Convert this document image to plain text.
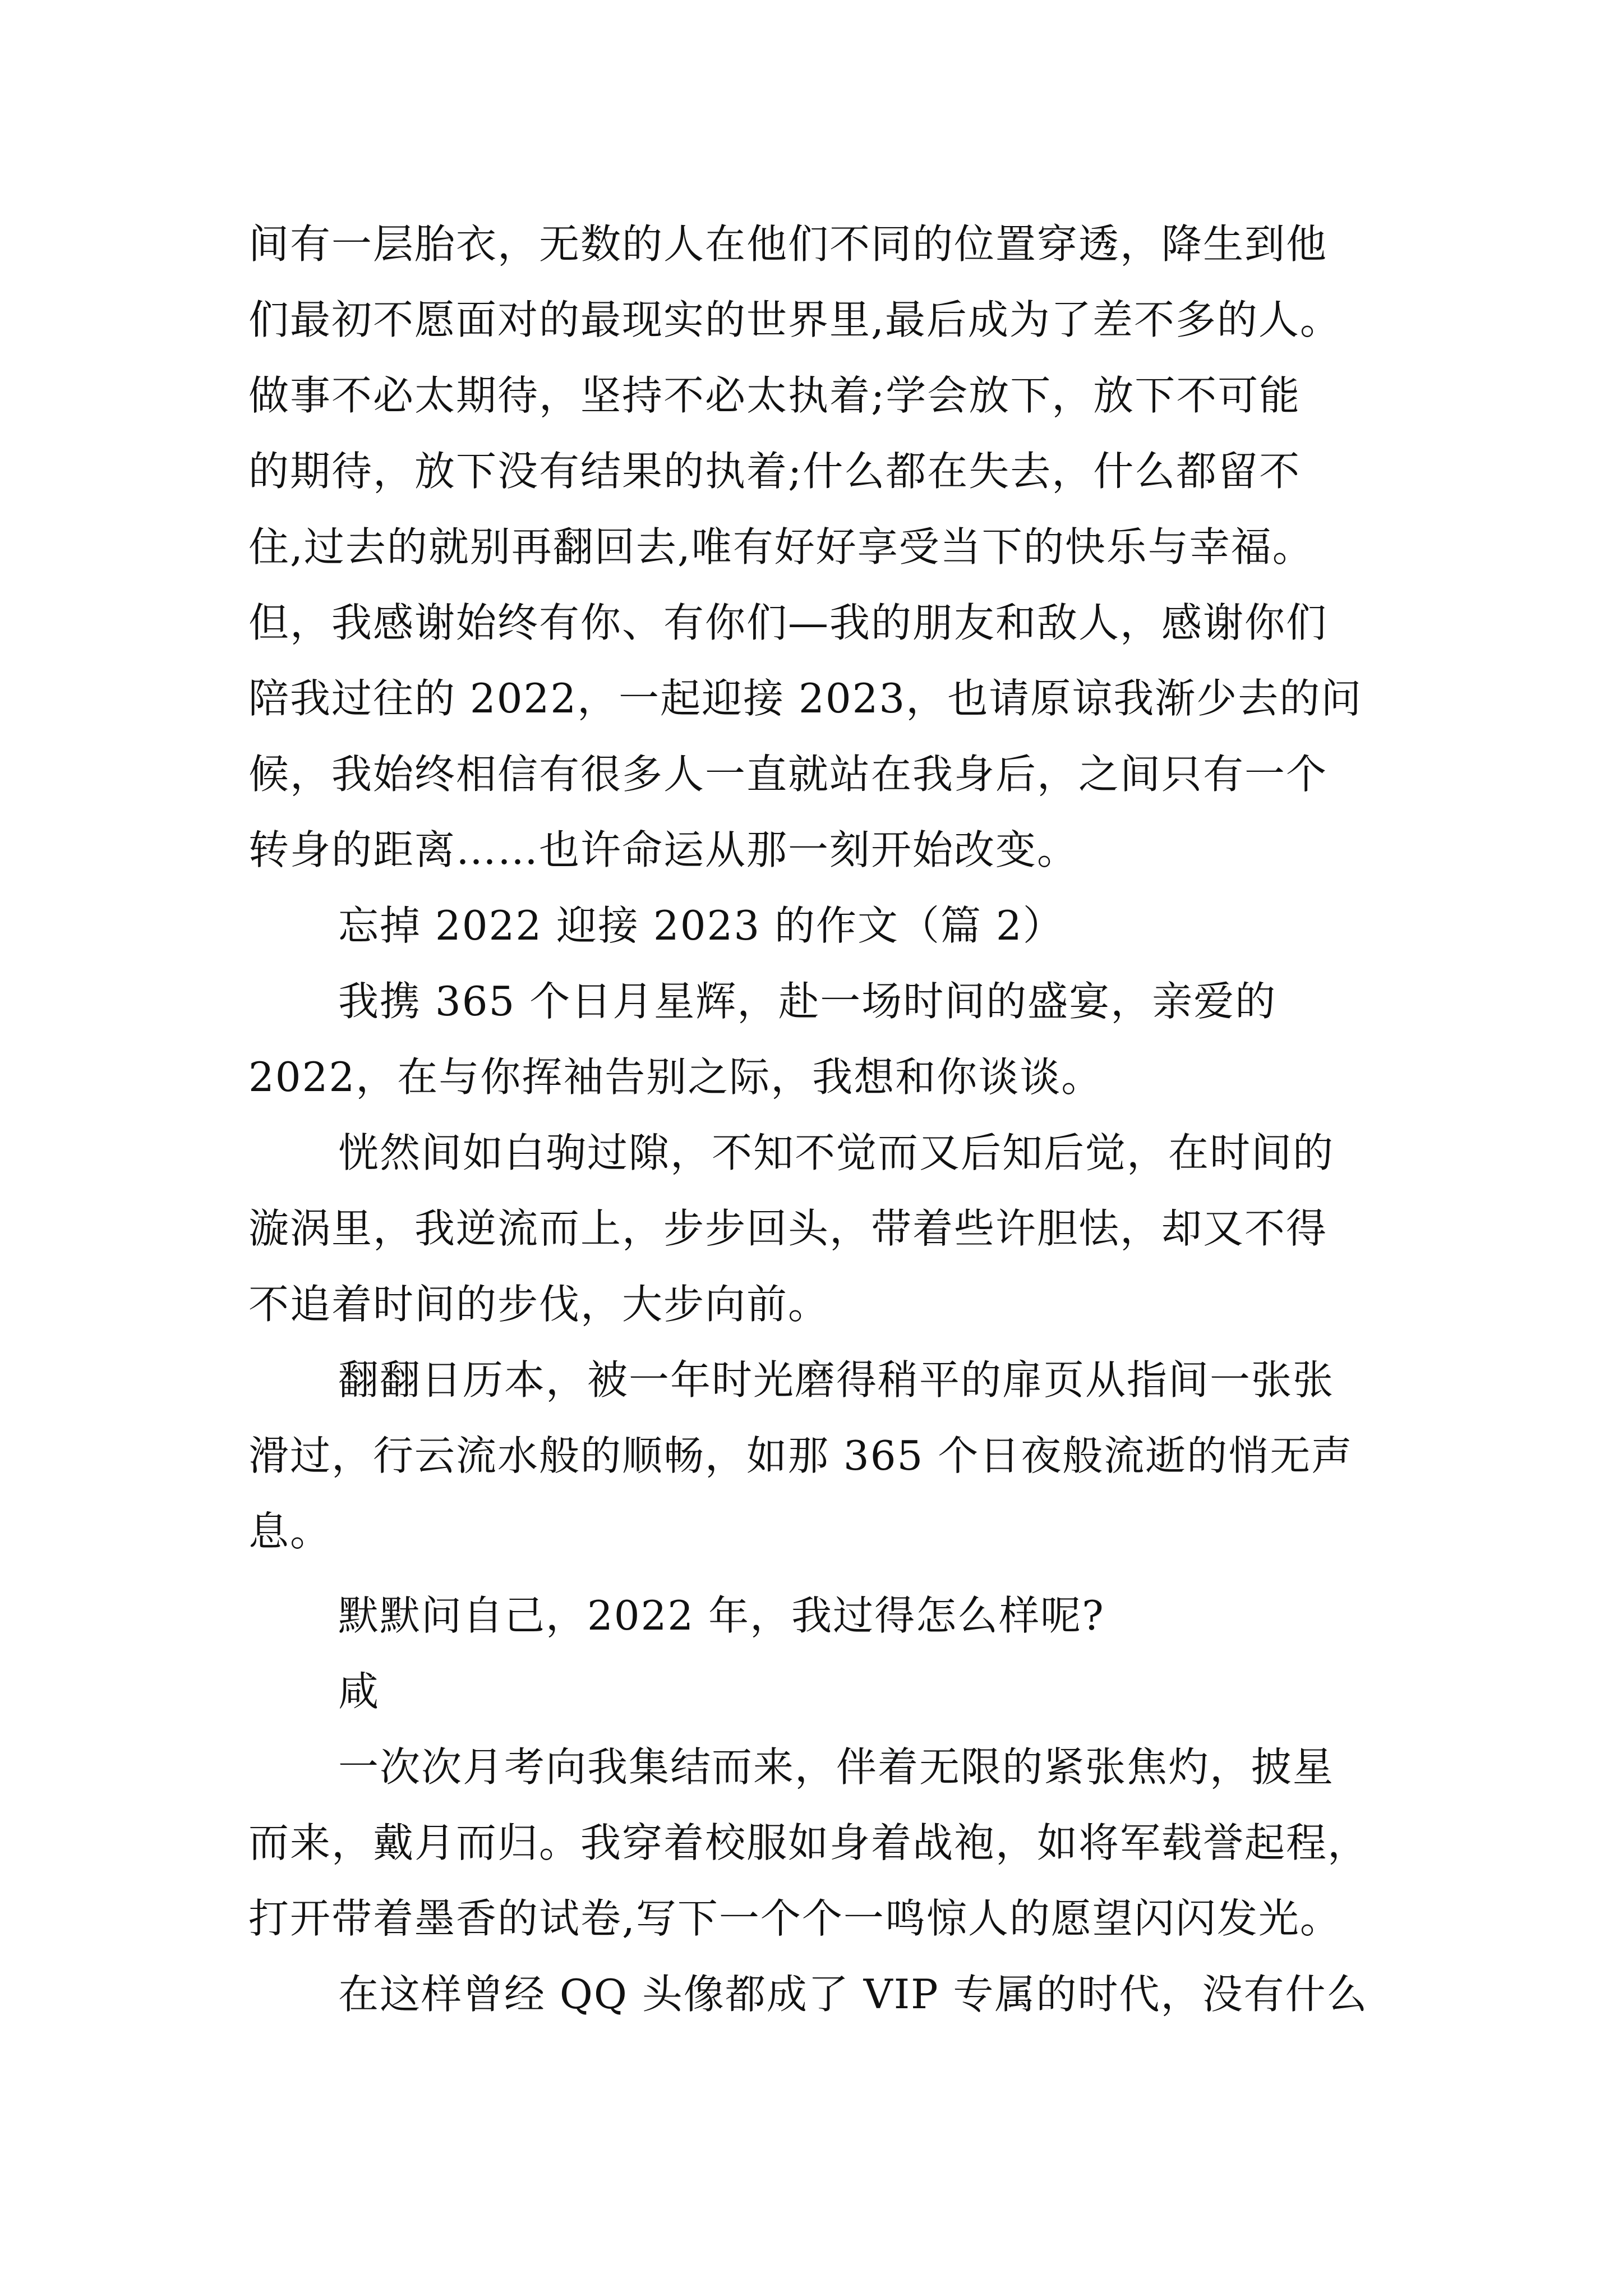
间有一层胎衣，无数的人在他们不同的位置穿透，降生到他
们最初不愿面对的最现实的世界里,最后成为了差不多的人。
做事不必太期待，坚持不必太执着;学会放下，放下不可能
的期待，放下没有结果的执着;什么都在失去，什么都留不
住,过去的就别再翻回去,唯有好好享受当下的快乐与幸福。
但，我感谢始终有你、有你们—我的朋友和敌人，感谢你们
陪我过往的 2022，一起迎接 2023，也请原谅我渐少去的问
候，我始终相信有很多人一直就站在我身后，之间只有一个
转身的距离……也许命运从那一刻开始改变。
忘掉 2022 迎接 2023 的作文（篇 2）
我携 365 个日月星辉，赴一场时间的盛宴，亲爱的
2022，在与你挥袖告别之际，我想和你谈谈。
恍然间如白驹过隙，不知不觉而又后知后觉，在时间的
漩涡里，我逆流而上，步步回头，带着些许胆怯，却又不得
不追着时间的步伐，大步向前。
翻翻日历本，被一年时光磨得稍平的扉页从指间一张张
滑过，行云流水般的顺畅，如那 365 个日夜般流逝的悄无声
息。
默默问自己，2022 年，我过得怎么样呢?
咸
一次次月考向我集结而来，伴着无限的紧张焦灼，披星
而来，戴月而归。我穿着校服如身着战袍，如将军载誉起程，
打开带着墨香的试卷,写下一个个一鸣惊人的愿望闪闪发光。
在这样曾经 QQ 头像都成了 VIP 专属的时代，没有什么
